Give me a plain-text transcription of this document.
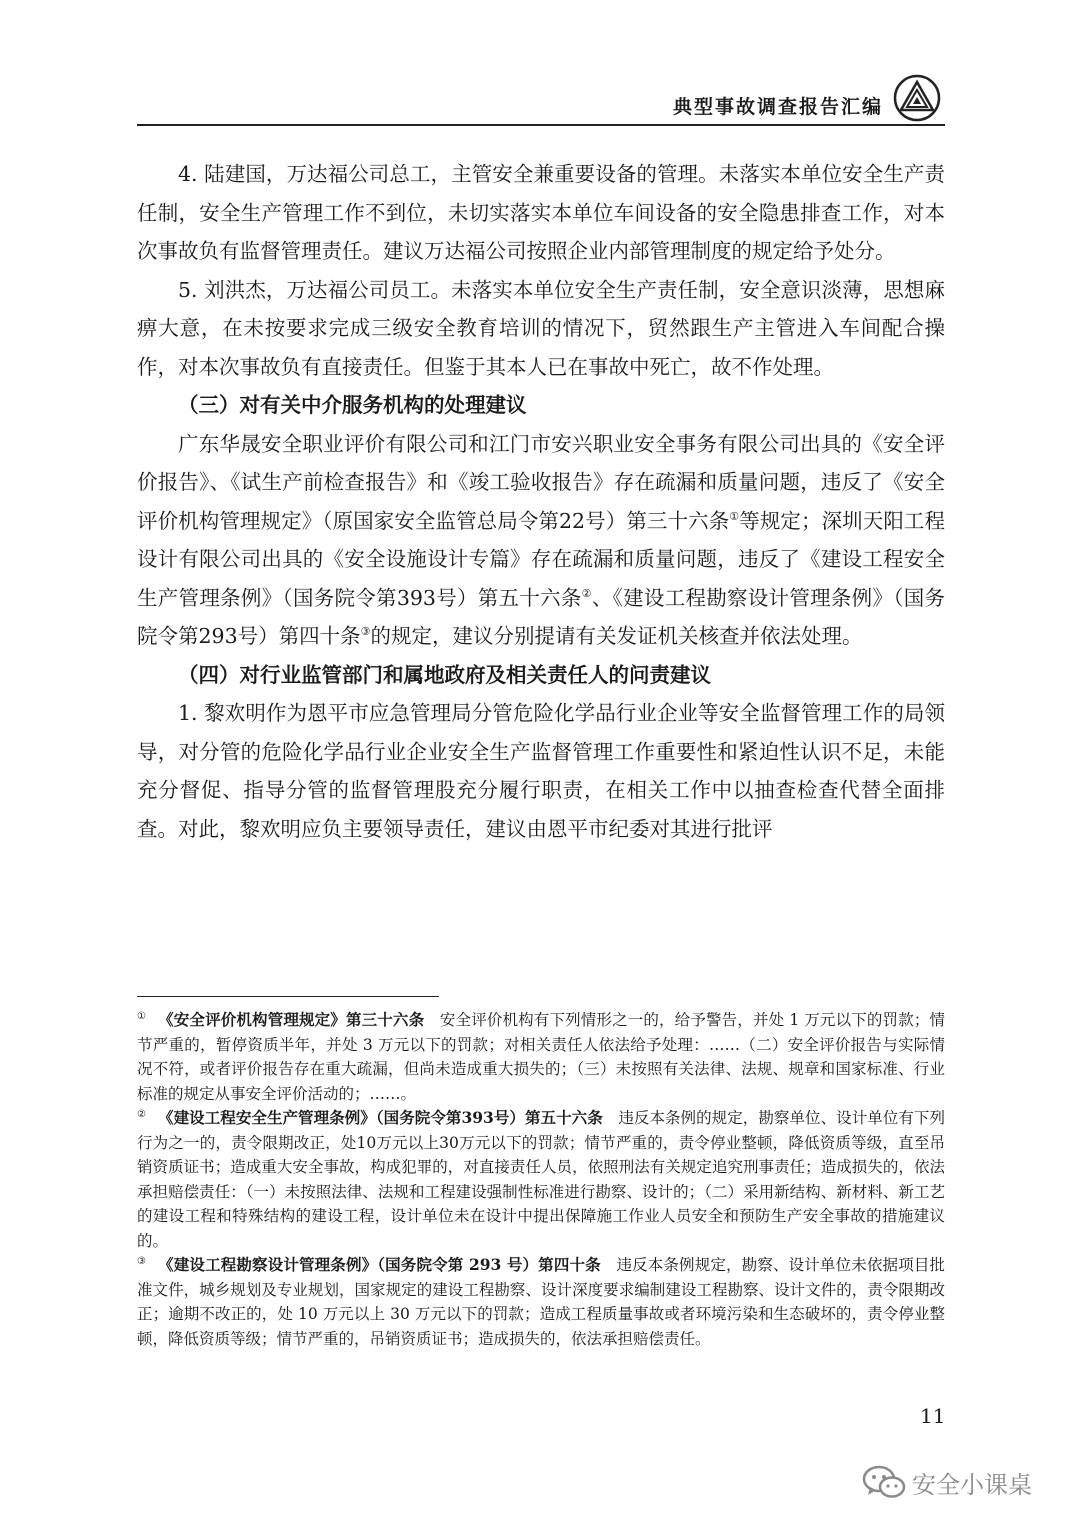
典型事故调查报告汇编

4. 陆建国，万达福公司总工，主管安全兼重要设备的管理。未落实本单位安全生产责任制，安全生产管理工作不到位，未切实落实本单位车间设备的安全隐患排查工作，对本次事故负有监督管理责任。建议万达福公司按照企业内部管理制度的规定给予处分。

5. 刘洪杰，万达福公司员工。未落实本单位安全生产责任制，安全意识淡薄，思想麻痹大意，在未按要求完成三级安全教育培训的情况下，贸然跟生产主管进入车间配合操作，对本次事故负有直接责任。但鉴于其本人已在事故中死亡，故不作处理。

（三）对有关中介服务机构的处理建议

广东华晟安全职业评价有限公司和江门市安兴职业安全事务有限公司出具的《安全评价报告》、《试生产前检查报告》和《竣工验收报告》存在疏漏和质量问题，违反了《安全评价机构管理规定》（原国家安全监管总局令第22号）第三十六条①等规定；深圳天阳工程设计有限公司出具的《安全设施设计专篇》存在疏漏和质量问题，违反了《建设工程安全生产管理条例》（国务院令第393号）第五十六条②、《建设工程勘察设计管理条例》（国务院令第293号）第四十条③的规定，建议分别提请有关发证机关核查并依法处理。

（四）对行业监管部门和属地政府及相关责任人的问责建议

1. 黎欢明作为恩平市应急管理局分管危险化学品行业企业等安全监督管理工作的局领导，对分管的危险化学品行业企业安全生产监督管理工作重要性和紧迫性认识不足，未能充分督促、指导分管的监督管理股充分履行职责，在相关工作中以抽查检查代替全面排查。对此，黎欢明应负主要领导责任，建议由恩平市纪委对其进行批评

① 《安全评价机构管理规定》第三十六条  安全评价机构有下列情形之一的，给予警告，并处 1 万元以下的罚款；情节严重的，暂停资质半年，并处 3 万元以下的罚款；对相关责任人依法给予处理：……（二）安全评价报告与实际情况不符，或者评价报告存在重大疏漏，但尚未造成重大损失的；（三）未按照有关法律、法规、规章和国家标准、行业标准的规定从事安全评价活动的；……。

② 《建设工程安全生产管理条例》（国务院令第393号）第五十六条  违反本条例的规定，勘察单位、设计单位有下列行为之一的，责令限期改正，处10万元以上30万元以下的罚款；情节严重的，责令停业整顿，降低资质等级，直至吊销资质证书；造成重大安全事故，构成犯罪的，对直接责任人员，依照刑法有关规定追究刑事责任；造成损失的，依法承担赔偿责任：（一）未按照法律、法规和工程建设强制性标准进行勘察、设计的；（二）采用新结构、新材料、新工艺的建设工程和特殊结构的建设工程，设计单位未在设计中提出保障施工作业人员安全和预防生产安全事故的措施建议的。

③ 《建设工程勘察设计管理条例》（国务院令第 293 号）第四十条  违反本条例规定，勘察、设计单位未依据项目批准文件，城乡规划及专业规划，国家规定的建设工程勘察、设计深度要求编制建设工程勘察、设计文件的，责令限期改正；逾期不改正的，处 10 万元以上 30 万元以下的罚款；造成工程质量事故或者环境污染和生态破坏的，责令停业整顿，降低资质等级；情节严重的，吊销资质证书；造成损失的，依法承担赔偿责任。

11
安全小课桌
